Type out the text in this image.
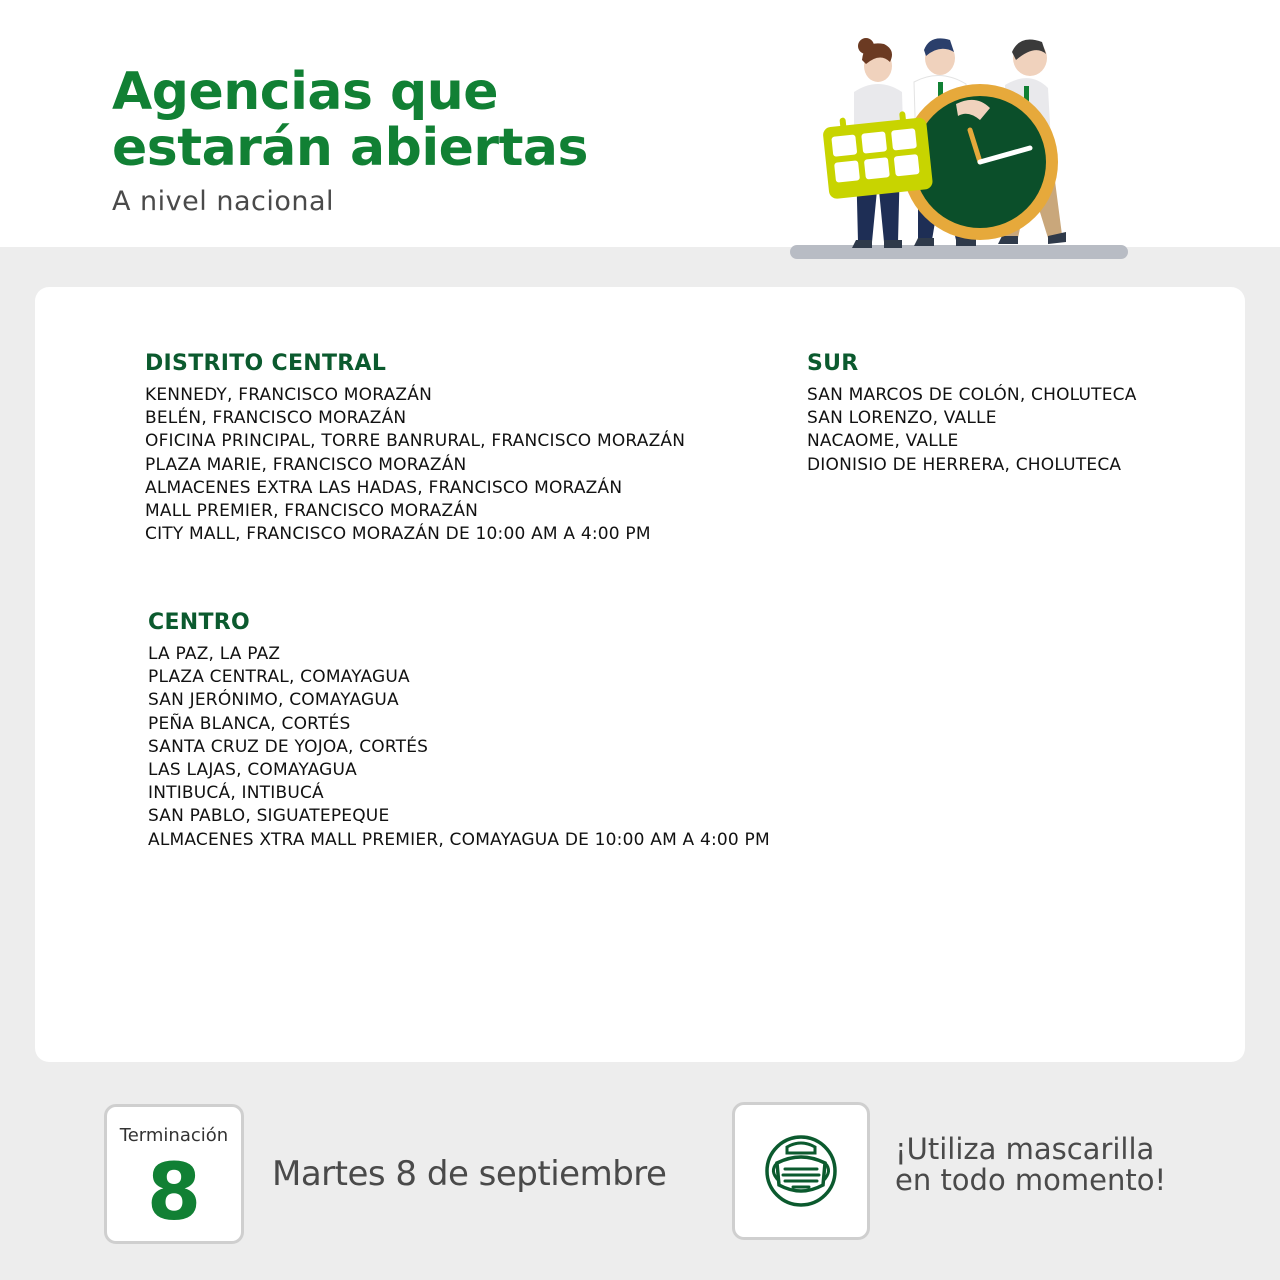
Agencias que
estarán abiertas
A nivel nacional
DISTRITO CENTRAL
KENNEDY, FRANCISCO MORAZÁN
BELÉN, FRANCISCO MORAZÁN
OFICINA PRINCIPAL, TORRE BANRURAL, FRANCISCO MORAZÁN
PLAZA MARIE, FRANCISCO MORAZÁN
ALMACENES EXTRA LAS HADAS, FRANCISCO MORAZÁN
MALL PREMIER, FRANCISCO MORAZÁN
CITY MALL, FRANCISCO MORAZÁN DE 10:00 AM A 4:00 PM
SUR
SAN MARCOS DE COLÓN, CHOLUTECA
SAN LORENZO, VALLE
NACAOME, VALLE
DIONISIO DE HERRERA, CHOLUTECA
CENTRO
LA PAZ, LA PAZ
PLAZA CENTRAL, COMAYAGUA
SAN JERÓNIMO, COMAYAGUA
PEÑA BLANCA, CORTÉS
SANTA CRUZ DE YOJOA, CORTÉS
LAS LAJAS, COMAYAGUA
INTIBUCÁ, INTIBUCÁ
SAN PABLO, SIGUATEPEQUE
ALMACENES XTRA MALL PREMIER, COMAYAGUA DE 10:00 AM A 4:00 PM
Terminación
8	Martes 8 de septiembre
¡Utiliza mascarilla
en todo momento!
